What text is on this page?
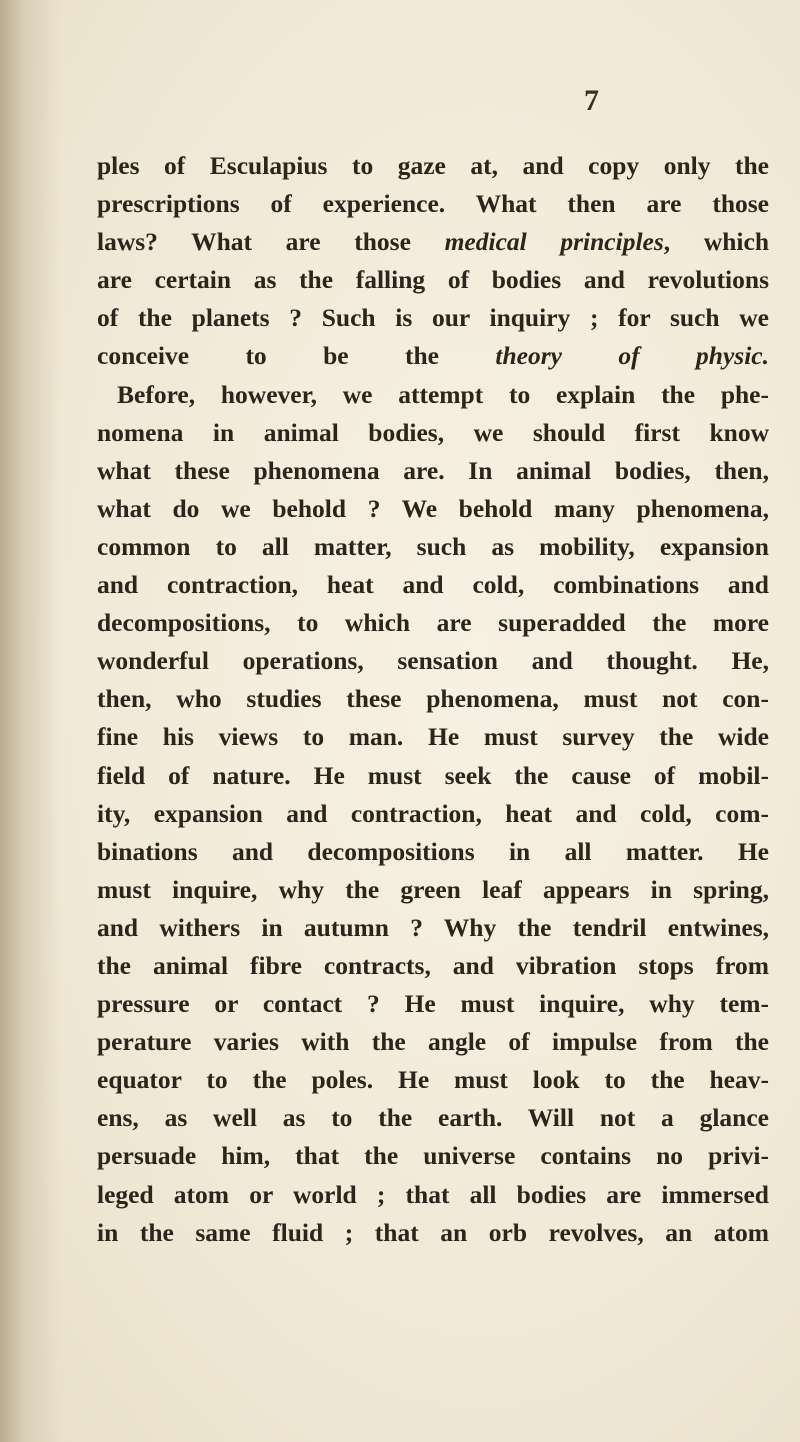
7

ples of Esculapius to gaze at, and copy only the
prescriptions of experience. What then are those
laws? What are those medical principles, which
are certain as the falling of bodies and revolutions
of the planets ? Such is our inquiry ; for such we
conceive to be the theory of physic.
Before, however, we attempt to explain the phe-
nomena in animal bodies, we should first know
what these phenomena are. In animal bodies, then,
what do we behold ? We behold many phenomena,
common to all matter, such as mobility, expansion
and contraction, heat and cold, combinations and
decompositions, to which are superadded the more
wonderful operations, sensation and thought. He,
then, who studies these phenomena, must not con-
fine his views to man. He must survey the wide
field of nature. He must seek the cause of mobil-
ity, expansion and contraction, heat and cold, com-
binations and decompositions in all matter. He
must inquire, why the green leaf appears in spring,
and withers in autumn ? Why the tendril entwines,
the animal fibre contracts, and vibration stops from
pressure or contact ? He must inquire, why tem-
perature varies with the angle of impulse from the
equator to the poles. He must look to the heav-
ens, as well as to the earth. Will not a glance
persuade him, that the universe contains no privi-
leged atom or world ; that all bodies are immersed
in the same fluid ; that an orb revolves, an atom
